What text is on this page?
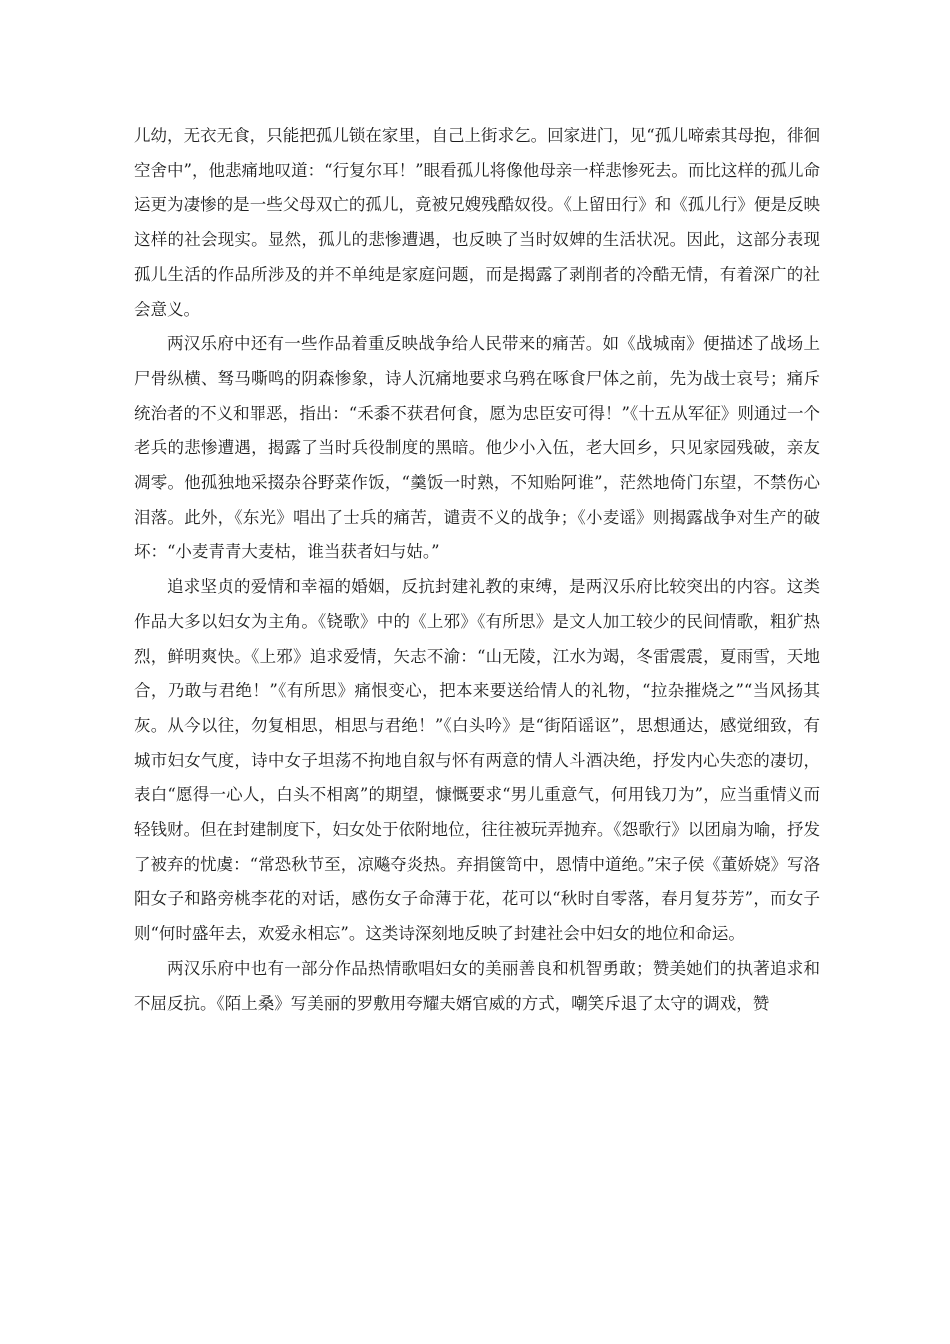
儿幼，无衣无食，只能把孤儿锁在家里，自己上街求乞。回家进门，见“孤儿啼索其母抱，徘徊空舍中”，他悲痛地叹道：“行复尔耳！”眼看孤儿将像他母亲一样悲惨死去。而比这样的孤儿命运更为凄惨的是一些父母双亡的孤儿，竟被兄嫂残酷奴役。《上留田行》和《孤儿行》便是反映这样的社会现实。显然，孤儿的悲惨遭遇，也反映了当时奴婢的生活状况。因此，这部分表现孤儿生活的作品所涉及的并不单纯是家庭问题，而是揭露了剥削者的冷酷无情，有着深广的社会意义。

两汉乐府中还有一些作品着重反映战争给人民带来的痛苦。如《战城南》便描述了战场上尸骨纵横、驽马嘶鸣的阴森惨象，诗人沉痛地要求乌鸦在啄食尸体之前，先为战士哀号；痛斥统治者的不义和罪恶，指出：“禾黍不获君何食，愿为忠臣安可得！”《十五从军征》则通过一个老兵的悲惨遭遇，揭露了当时兵役制度的黑暗。他少小入伍，老大回乡，只见家园残破，亲友凋零。他孤独地采掇杂谷野菜作饭，“羹饭一时熟，不知贻阿谁”，茫然地倚门东望，不禁伤心泪落。此外，《东光》唱出了士兵的痛苦，谴责不义的战争；《小麦谣》则揭露战争对生产的破坏：“小麦青青大麦枯，谁当获者妇与姑。”

追求坚贞的爱情和幸福的婚姻，反抗封建礼教的束缚，是两汉乐府比较突出的内容。这类作品大多以妇女为主角。《铙歌》中的《上邪》《有所思》是文人加工较少的民间情歌，粗犷热烈，鲜明爽快。《上邪》追求爱情，矢志不渝：“山无陵，江水为竭，冬雷震震，夏雨雪，天地合，乃敢与君绝！”《有所思》痛恨变心，把本来要送给情人的礼物，“拉杂摧烧之”“当风扬其灰。从今以往，勿复相思，相思与君绝！”《白头吟》是“街陌谣讴”，思想通达，感觉细致，有城市妇女气度，诗中女子坦荡不拘地自叙与怀有两意的情人斗酒决绝，抒发内心失恋的凄切，表白“愿得一心人，白头不相离”的期望，慷慨要求“男儿重意气，何用钱刀为”，应当重情义而轻钱财。但在封建制度下，妇女处于依附地位，往往被玩弄抛弃。《怨歌行》以团扇为喻，抒发了被弃的忧虞：“常恐秋节至，凉飚夺炎热。弃捐箧笥中，恩情中道绝。”宋子侯《董娇娆》写洛阳女子和路旁桃李花的对话，感伤女子命薄于花，花可以“秋时自零落，春月复芬芳”，而女子则“何时盛年去，欢爱永相忘”。这类诗深刻地反映了封建社会中妇女的地位和命运。

两汉乐府中也有一部分作品热情歌唱妇女的美丽善良和机智勇敢；赞美她们的执著追求和不屈反抗。《陌上桑》写美丽的罗敷用夸耀夫婿官威的方式，嘲笑斥退了太守的调戏，赞
